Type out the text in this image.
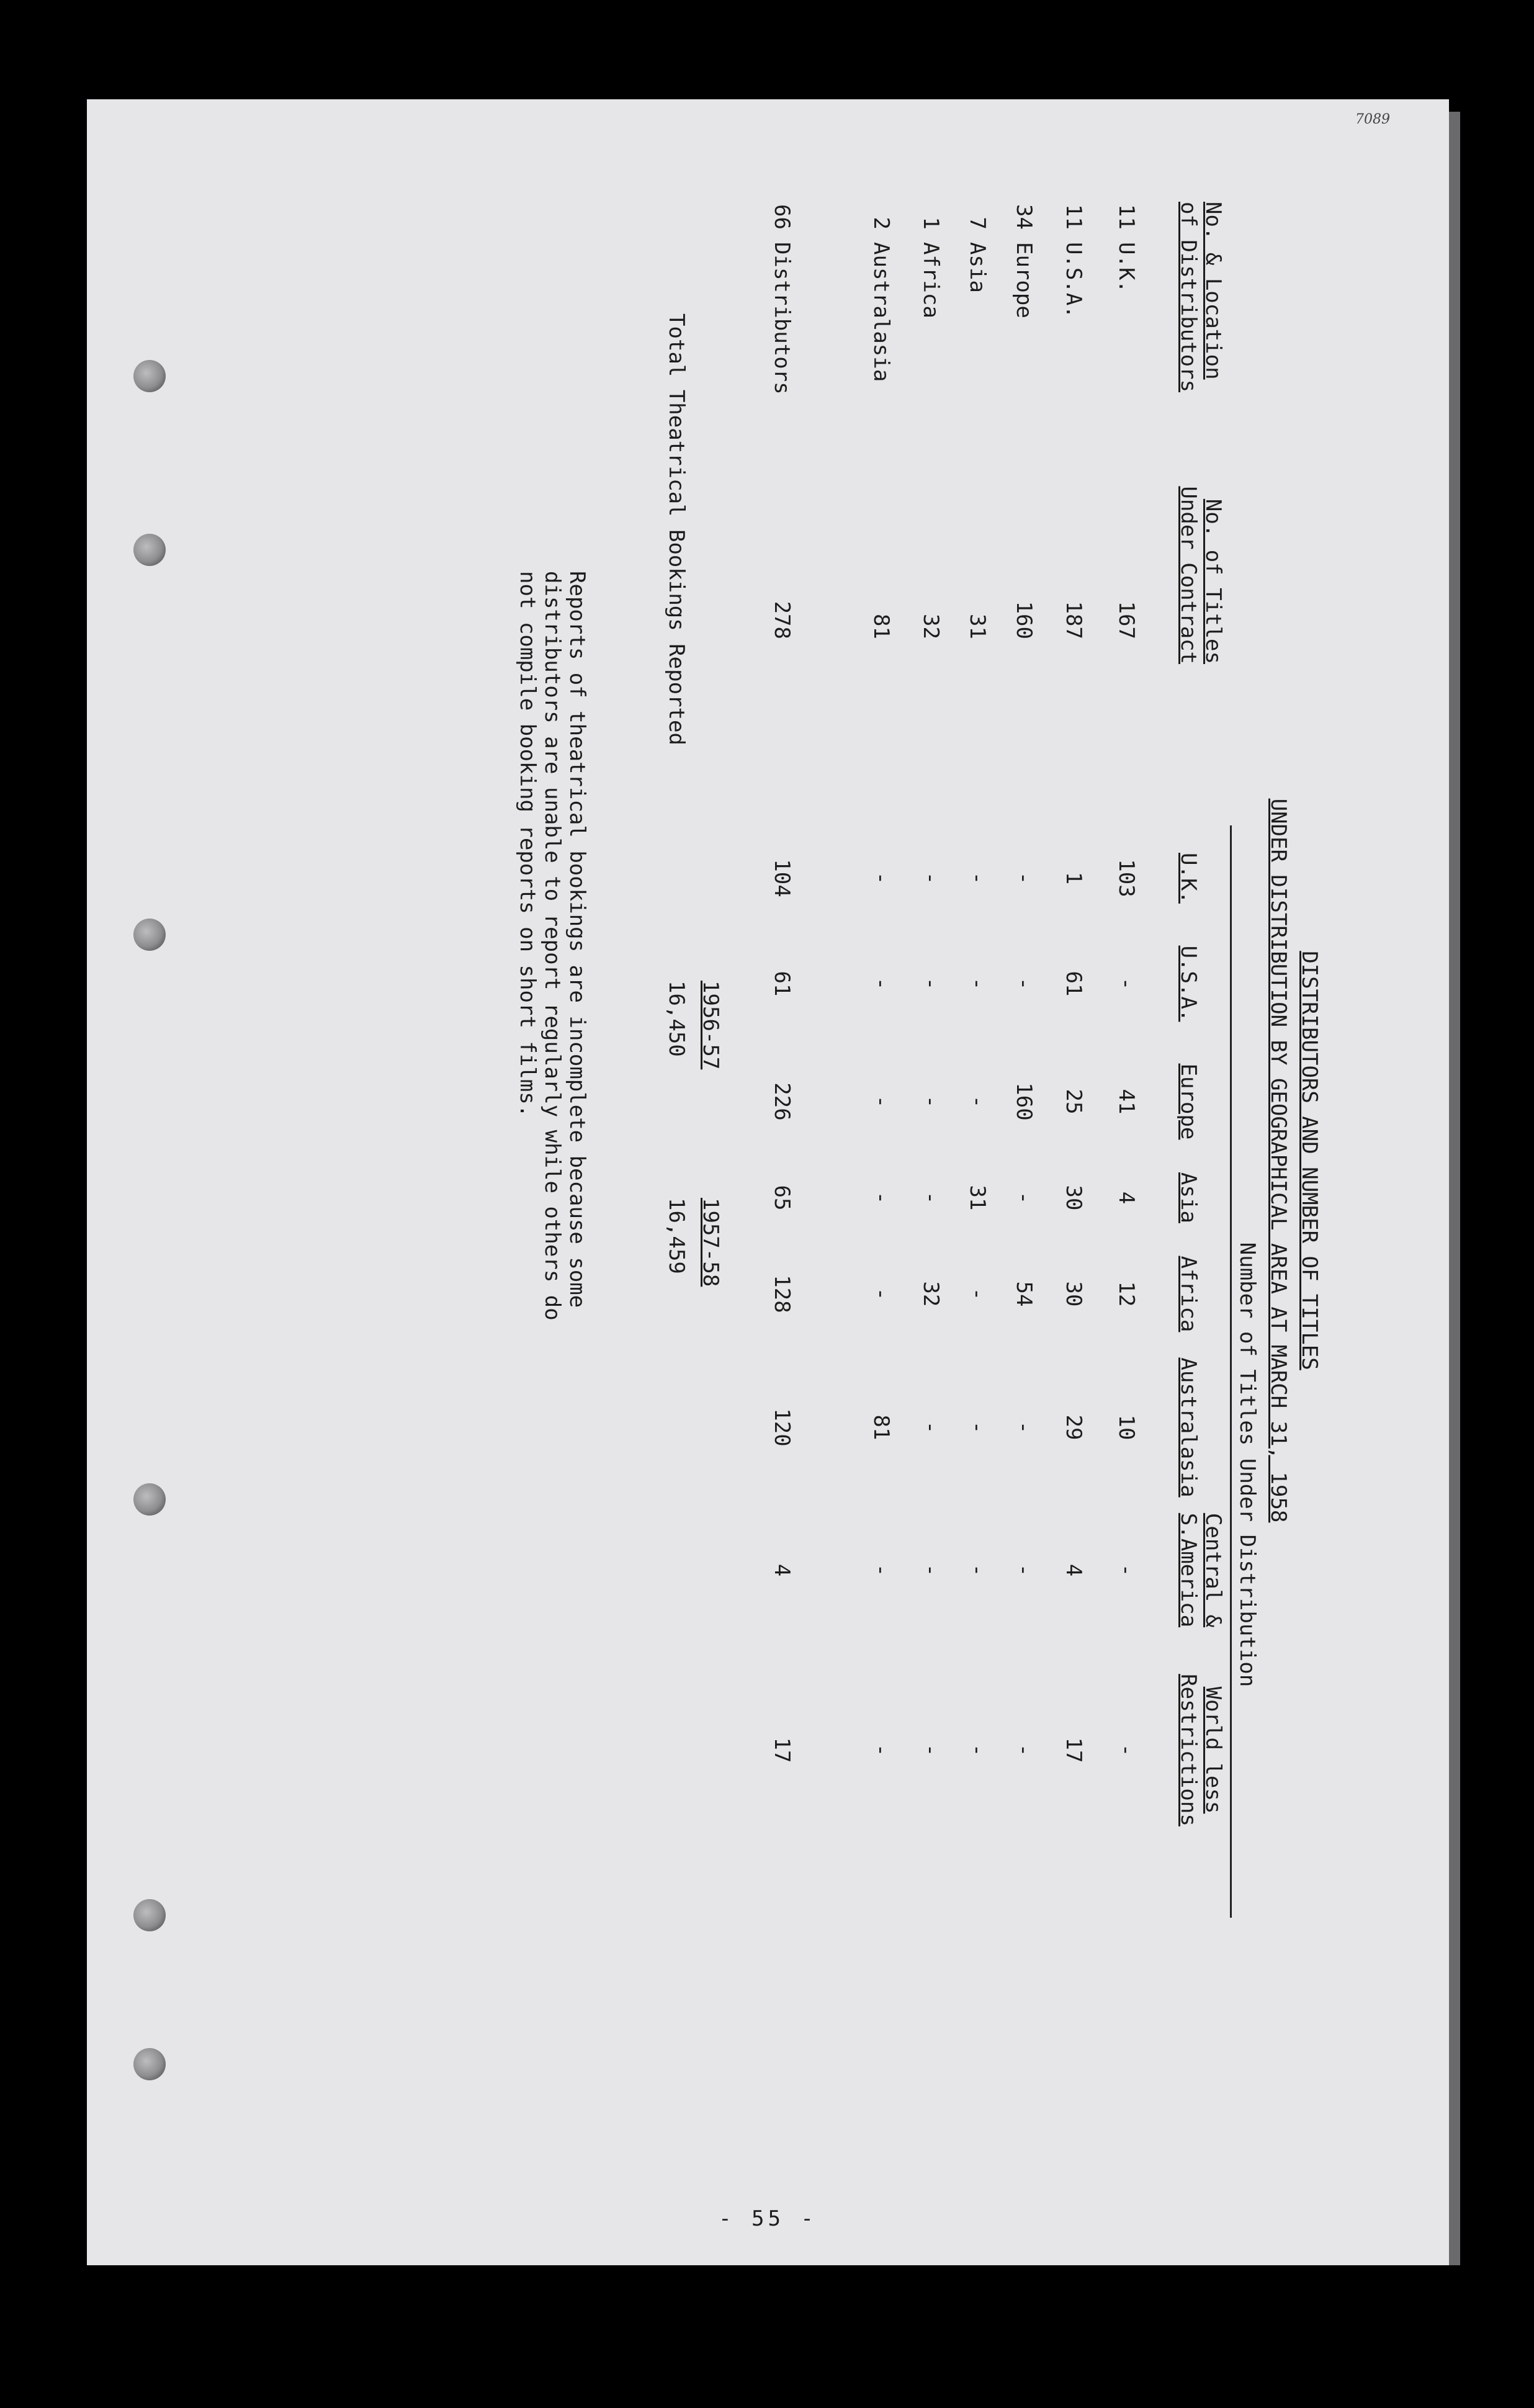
7089
DISTRIBUTORS AND NUMBER OF TITLES
UNDER DISTRIBUTION BY GEOGRAPHICAL AREA AT MARCH 31, 1958
Number of Titles Under Distribution
No. & Location
of Distributors
No. of Titles
Under Contract
U.K.
U.S.A.
Europe
Asia
Africa
Australasia
Central &
S.America
World less
Restrictions
11
U.K.
167
103
-
41
4
12
10
-
-
11
U.S.A.
187
1
61
25
30
30
29
4
17
34
Europe
160
-
-
160
-
54
-
-
-
7
Asia
31
-
-
-
31
-
-
-
-
1
Africa
32
-
-
-
-
32
-
-
-
2
Australasia
81
-
-
-
-
-
81
-
-
66
Distributors
278
104
61
226
65
128
120
4
17
1956-57
1957-58
Total Theatrical Bookings Reported
16,450
16,459
Reports of theatrical bookings are incomplete because some
distributors are unable to report regularly while others do
not compile booking reports on short films.
- 55 -
